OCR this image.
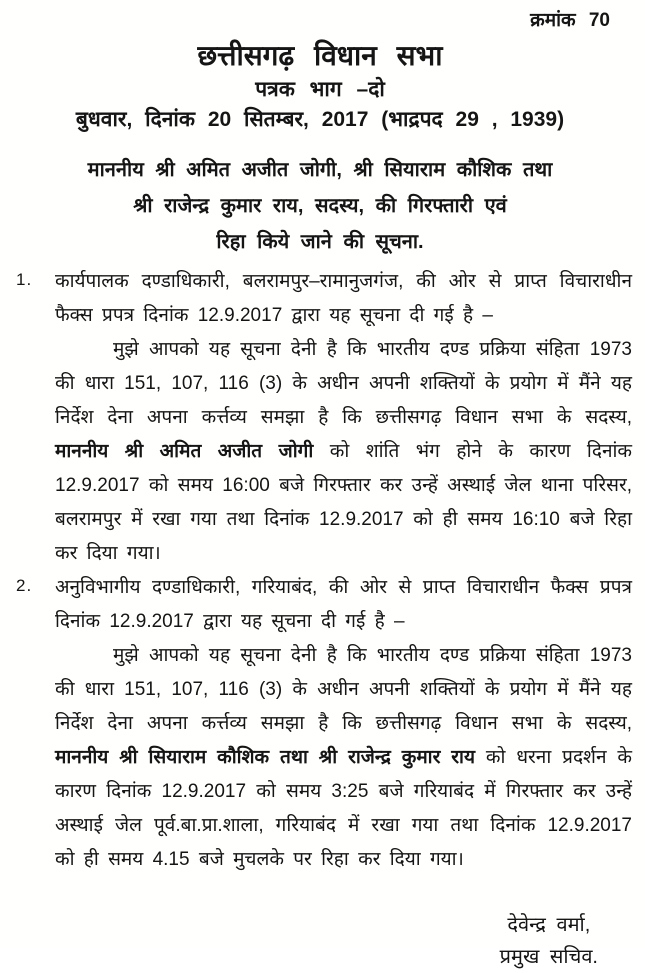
क्रमांक 70
छत्तीसगढ़ विधान सभा
पत्रक भाग –दो
बुधवार, दिनांक 20 सितम्बर, 2017 (भाद्रपद 29 , 1939)
माननीय श्री अमित अजीत जोगी, श्री सियाराम कौशिक तथा
श्री राजेन्द्र कुमार राय, सदस्य, की गिरफ्तारी एवं
रिहा किये जाने की सूचना.
1.	कार्यपालक दण्डाधिकारी, बलरामपुर–रामानुजगंज, की ओर से प्राप्त विचाराधीन फैक्स प्रपत्र दिनांक 12.9.2017 द्वारा यह सूचना दी गई है –

मुझे आपको यह सूचना देनी है कि भारतीय दण्ड प्रक्रिया संहिता 1973 की धारा 151, 107, 116 (3) के अधीन अपनी शक्तियों के प्रयोग में मैंने यह निर्देश देना अपना कर्त्तव्य समझा है कि छत्तीसगढ़ विधान सभा के सदस्य, माननीय श्री अमित अजीत जोगी को शांति भंग होने के कारण दिनांक 12.9.2017 को समय 16:00 बजे गिरफ्तार कर उन्हें अस्थाई जेल थाना परिसर, बलरामपुर में रखा गया तथा दिनांक 12.9.2017 को ही समय 16:10 बजे रिहा कर दिया गया।

2.	अनुविभागीय दण्डाधिकारी, गरियाबंद, की ओर से प्राप्त विचाराधीन फैक्स प्रपत्र दिनांक 12.9.2017 द्वारा यह सूचना दी गई है –

मुझे आपको यह सूचना देनी है कि भारतीय दण्ड प्रक्रिया संहिता 1973 की धारा 151, 107, 116 (3) के अधीन अपनी शक्तियों के प्रयोग में मैंने यह निर्देश देना अपना कर्त्तव्य समझा है कि छत्तीसगढ़ विधान सभा के सदस्य, माननीय श्री सियाराम कौशिक तथा श्री राजेन्द्र कुमार राय को धरना प्रदर्शन के कारण दिनांक 12.9.2017 को समय 3:25 बजे गरियाबंद में गिरफ्तार कर उन्हें अस्थाई जेल पूर्व.बा.प्रा.शाला, गरियाबंद में रखा गया तथा दिनांक 12.9.2017 को ही समय 4.15 बजे मुचलके पर रिहा कर दिया गया।

देवेन्द्र वर्मा,
प्रमुख सचिव.
